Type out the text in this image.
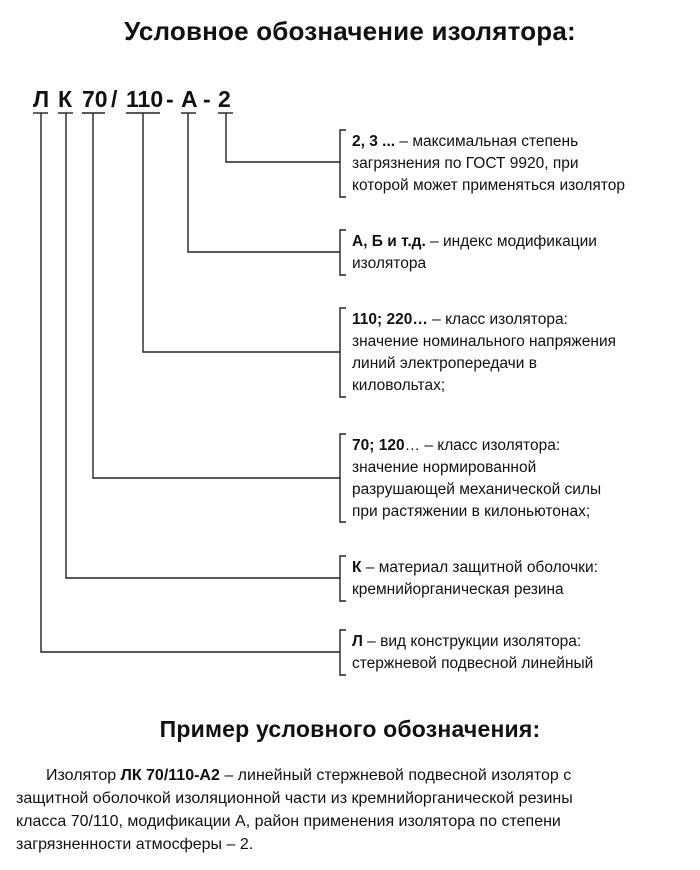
Условное обозначение изолятора:
Л К 70 / 110 - А - 2

2, 3 ... – максимальная степень

загрязнения по ГОСТ 9920, при

которой может применяться изолятор

А, Б и т.д. – индекс модификации

изолятора

110; 220… – класс изолятора:

значение номинального напряжения

линий электропередачи в

киловольтах;

70; 120… – класс изолятора:

значение нормированной

разрушающей механической силы

при растяжении в килоньютонах;

К – материал защитной оболочки:

кремнийорганическая резина

Л – вид конструкции изолятора:

стержневой подвесной линейный

Пример условного обозначения:

Изолятор ЛК 70/110-А2 – линейный стержневой подвесной изолятор с

защитной оболочкой изоляционной части из кремнийорганической резины

класса 70/110, модификации А, район применения изолятора по степени

загрязненности атмосферы – 2.
